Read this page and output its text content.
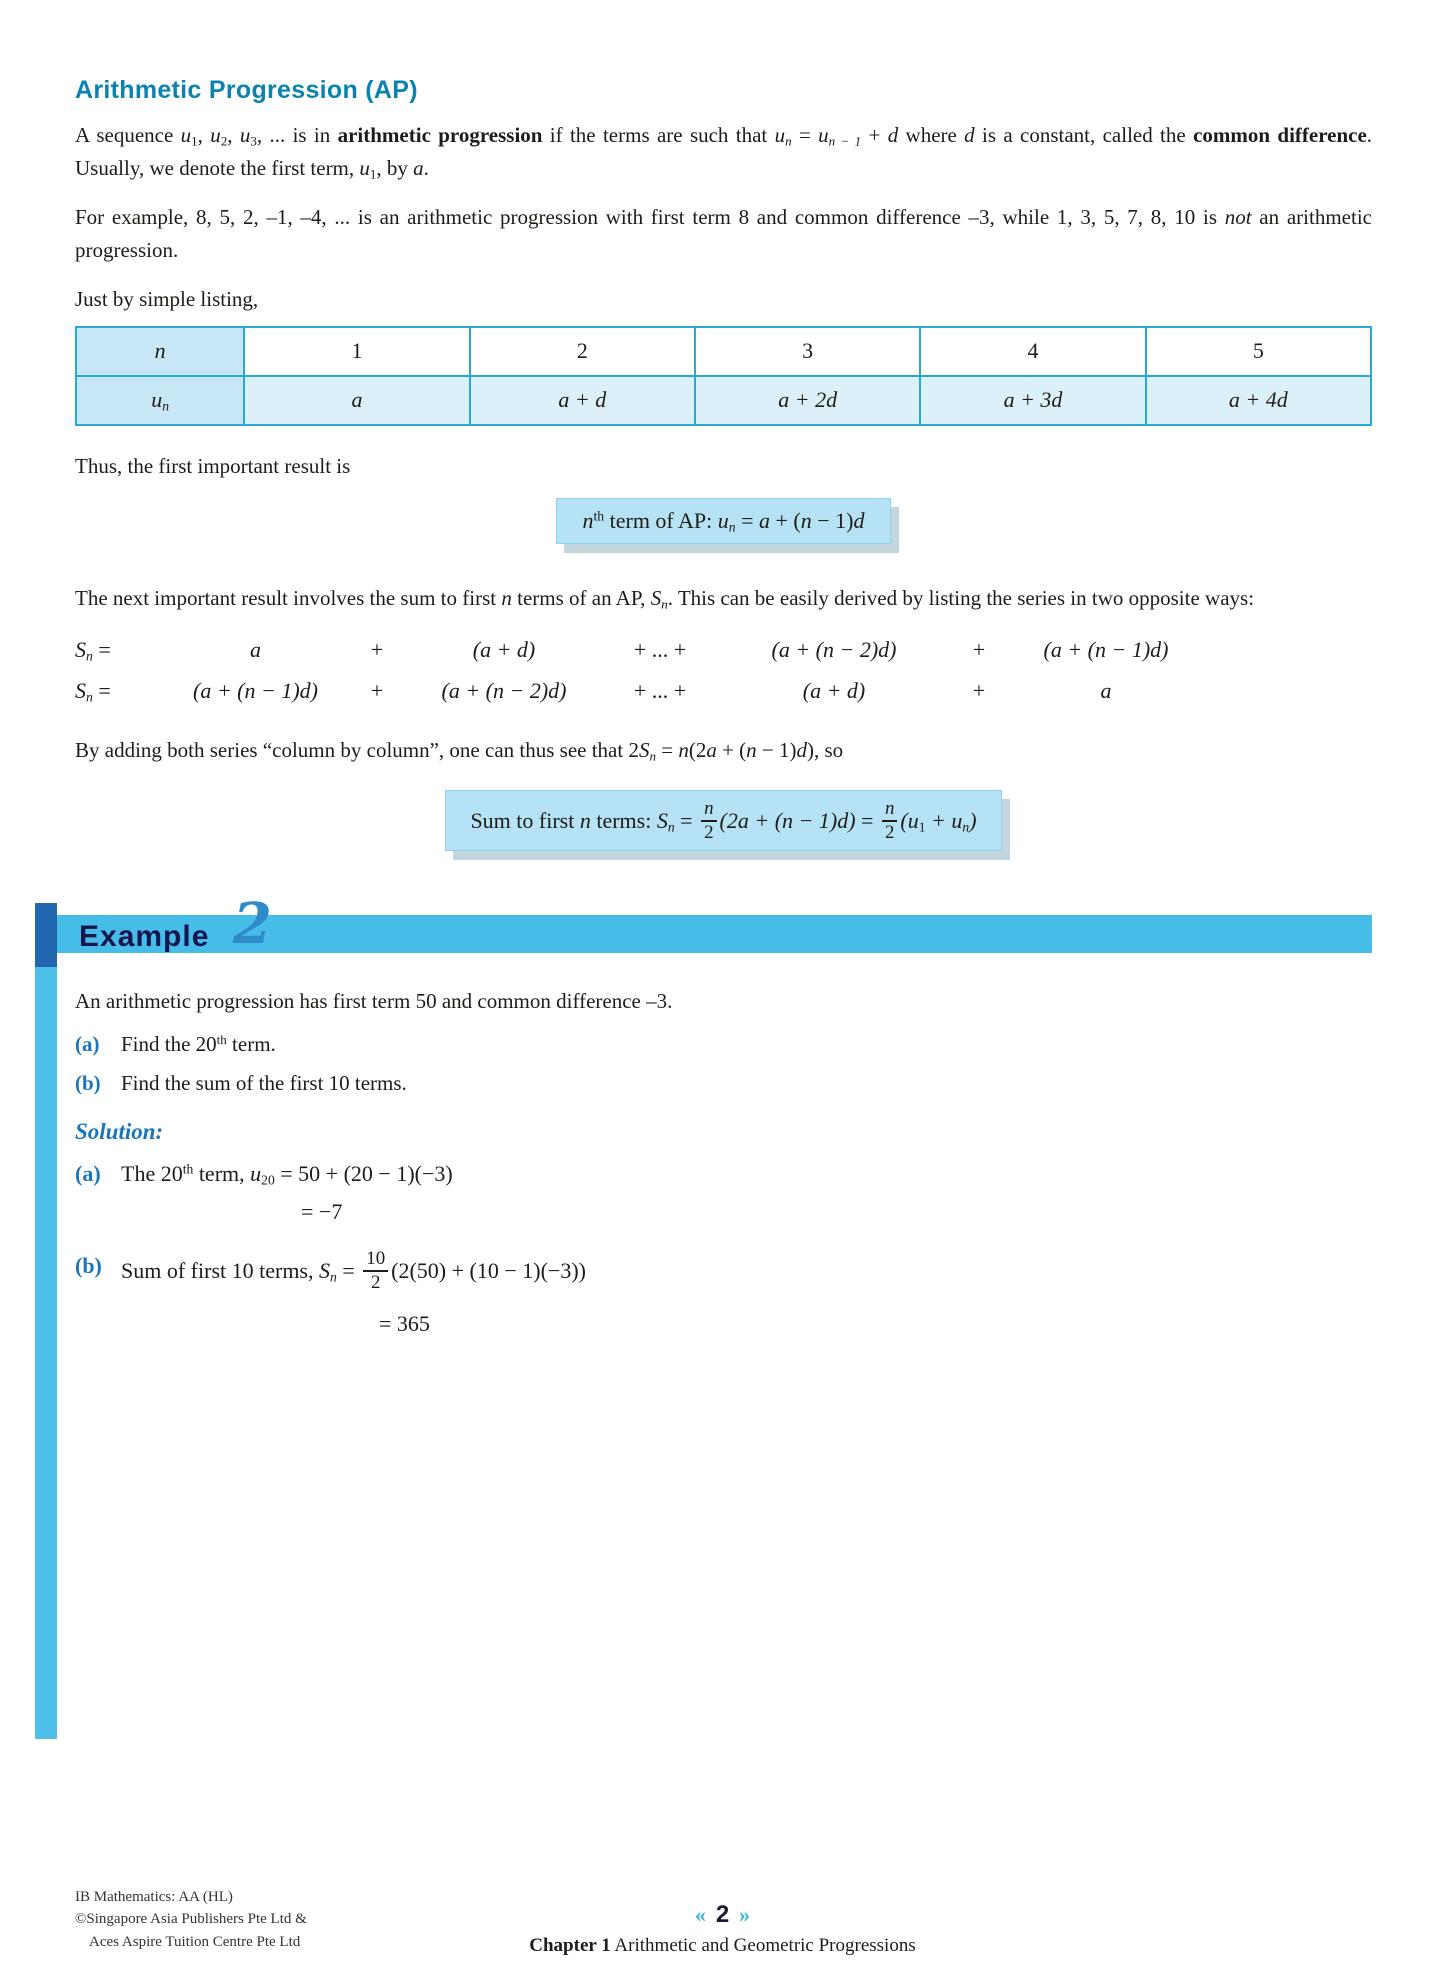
Arithmetic Progression (AP)

A sequence u1, u2, u3, ... is in arithmetic progression if the terms are such that un = un − 1 + d where d is a constant, called the common difference. Usually, we denote the first term, u1, by a.

For example, 8, 5, 2, –1, –4, ... is an arithmetic progression with first term 8 and common difference –3, while 1, 3, 5, 7, 8, 10 is not an arithmetic progression.

Just by simple listing,

n	1	2	3	4	5
un	a	a + d	a + 2d	a + 3d	a + 4d

Thus, the first important result is

$n^{th}$ term of AP: un = a + (n − 1)d

The next important result involves the sum to first n terms of an AP, Sn. This can be easily derived by listing the series in two opposite ways:

Sn =	a	+	(a + d)	+ ... +	(a + (n − 2)d)	+	(a + (n − 1)d)
Sn =	(a + (n − 1)d)	+	(a + (n − 2)d)	+ ... +	(a + d)	+	a

By adding both series “column by column”, one can thus see that 2Sn = n(2a + (n − 1)d), so

Sum to first n terms: $Sn = \frac{n}{2} (2a + (n - 1)d) = \frac{n}{2} (u1 + un)$
Example 2

An arithmetic progression has first term 50 and common difference –3.

(a)	Find the 20th term.
(b) Find the sum of the first 10 terms.
Solution:
(a) The 20th term, u20 = 50 + (20 − 1)(−3)
= −7
(b) Sum of first 10 terms, $Sn = \frac{10}{2} (2(50) + (10 - 1)(-3))$
= 365
IB Mathematics: AA (HL)
©Singapore Asia Publishers Pte Ltd &
Aces Aspire Tuition Centre Pte Ltd
« 2 »
Chapter 1 Arithmetic and Geometric Progressions
